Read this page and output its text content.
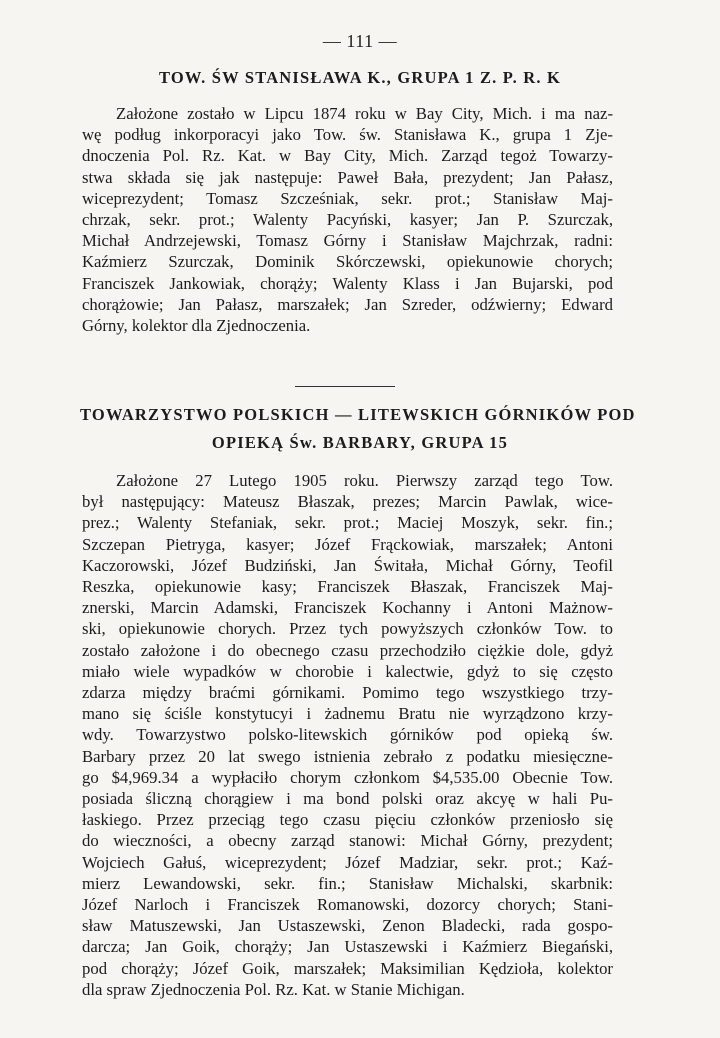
— 111 —
TOW. ŚW STANISŁAWA K., GRUPA 1 Z. P. R. K
Założone zostało w Lipcu 1874 roku w Bay City, Mich. i ma naz-
wę podług inkorporacyi jako Tow. św. Stanisława K., grupa 1 Zje-
dnoczenia Pol. Rz. Kat. w Bay City, Mich. Zarząd tegoż Towarzy-
stwa składa się jak następuje: Paweł Bała, prezydent; Jan Pałasz,
wiceprezydent; Tomasz Szcześniak, sekr. prot.; Stanisław Maj-
chrzak, sekr. prot.; Walenty Pacyński, kasyer; Jan P. Szurczak,
Michał Andrzejewski, Tomasz Górny i Stanisław Majchrzak, radni:
Kaźmierz Szurczak, Dominik Skórczewski, opiekunowie chorych;
Franciszek Jankowiak, chorąży; Walenty Klass i Jan Bujarski, pod
chorążowie; Jan Pałasz, marszałek; Jan Szreder, odźwierny; Edward
Górny, kolektor dla Zjednoczenia.
TOWARZYSTWO POLSKICH — LITEWSKICH GÓRNIKÓW POD
OPIEKĄ Św. BARBARY, GRUPA 15
Założone 27 Lutego 1905 roku. Pierwszy zarząd tego Tow.
był następujący: Mateusz Błaszak, prezes; Marcin Pawlak, wice-
prez.; Walenty Stefaniak, sekr. prot.; Maciej Moszyk, sekr. fin.;
Szczepan Pietryga, kasyer; Józef Frąckowiak, marszałek; Antoni
Kaczorowski, Józef Budziński, Jan Świtała, Michał Górny, Teofil
Reszka, opiekunowie kasy; Franciszek Błaszak, Franciszek Maj-
znerski, Marcin Adamski, Franciszek Kochanny i Antoni Mażnow-
ski, opiekunowie chorych. Przez tych powyższych członków Tow. to
zostało założone i do obecnego czasu przechodziło ciężkie dole, gdyż
miało wiele wypadków w chorobie i kalectwie, gdyż to się często
zdarza między braćmi górnikami. Pomimo tego wszystkiego trzy-
mano się ściśle konstytucyi i żadnemu Bratu nie wyrządzono krzy-
wdy. Towarzystwo polsko-litewskich górników pod opieką św.
Barbary przez 20 lat swego istnienia zebrało z podatku miesięczne-
go $4,969.34 a wypłaciło chorym członkom $4,535.00 Obecnie Tow.
posiada śliczną chorągiew i ma bond polski oraz akcyę w hali Pu-
łaskiego. Przez przeciąg tego czasu pięciu członków przeniosło się
do wieczności, a obecny zarząd stanowi: Michał Górny, prezydent;
Wojciech Gałuś, wiceprezydent; Józef Madziar, sekr. prot.; Kaź-
mierz Lewandowski, sekr. fin.; Stanisław Michalski, skarbnik:
Józef Narloch i Franciszek Romanowski, dozorcy chorych; Stani-
sław Matuszewski, Jan Ustaszewski, Zenon Bladecki, rada gospo-
darcza; Jan Goik, chorąży; Jan Ustaszewski i Kaźmierz Biegański,
pod chorąży; Józef Goik, marszałek; Maksimilian Kędzioła, kolektor
dla spraw Zjednoczenia Pol. Rz. Kat. w Stanie Michigan.
